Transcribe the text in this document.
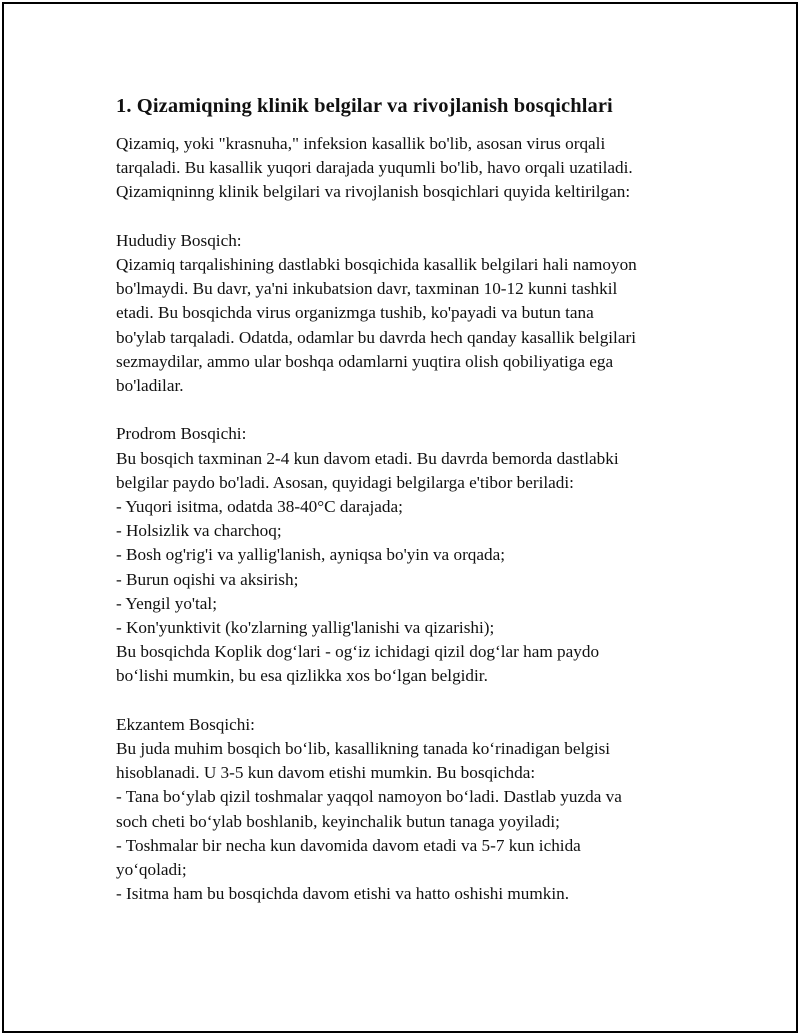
1. Qizamiqning klinik belgilar va rivojlanish bosqichlari

Qizamiq, yoki "krasnuha," infeksion kasallik bo'lib, asosan virus orqali
tarqaladi. Bu kasallik yuqori darajada yuqumli bo'lib, havo orqali uzatiladi.
Qizamiqninng klinik belgilari va rivojlanish bosqichlari quyida keltirilgan:
Hududiy Bosqich:
Qizamiq tarqalishining dastlabki bosqichida kasallik belgilari hali namoyon
bo'lmaydi. Bu davr, ya'ni inkubatsion davr, taxminan 10-12 kunni tashkil
etadi. Bu bosqichda virus organizmga tushib, ko'payadi va butun tana
bo'ylab tarqaladi. Odatda, odamlar bu davrda hech qanday kasallik belgilari
sezmaydilar, ammo ular boshqa odamlarni yuqtira olish qobiliyatiga ega
bo'ladilar.
Prodrom Bosqichi:
Bu bosqich taxminan 2-4 kun davom etadi. Bu davrda bemorda dastlabki
belgilar paydo bo'ladi. Asosan, quyidagi belgilarga e'tibor beriladi:
- Yuqori isitma, odatda 38-40°C darajada;
- Holsizlik va charchoq;
- Bosh og'rig'i va yallig'lanish, ayniqsa bo'yin va orqada;
- Burun oqishi va aksirish;
- Yengil yo'tal;
- Kon'yunktivit (ko'zlarning yallig'lanishi va qizarishi);
Bu bosqichda Koplik dog‘lari - og‘iz ichidagi qizil dog‘lar ham paydo
bo‘lishi mumkin, bu esa qizlikka xos bo‘lgan belgidir.
Ekzantem Bosqichi:
Bu juda muhim bosqich bo‘lib, kasallikning tanada ko‘rinadigan belgisi
hisoblanadi. U 3-5 kun davom etishi mumkin. Bu bosqichda:
- Tana bo‘ylab qizil toshmalar yaqqol namoyon bo‘ladi. Dastlab yuzda va
soch cheti bo‘ylab boshlanib, keyinchalik butun tanaga yoyiladi;
- Toshmalar bir necha kun davomida davom etadi va 5-7 kun ichida
yo‘qoladi;
- Isitma ham bu bosqichda davom etishi va hatto oshishi mumkin.
